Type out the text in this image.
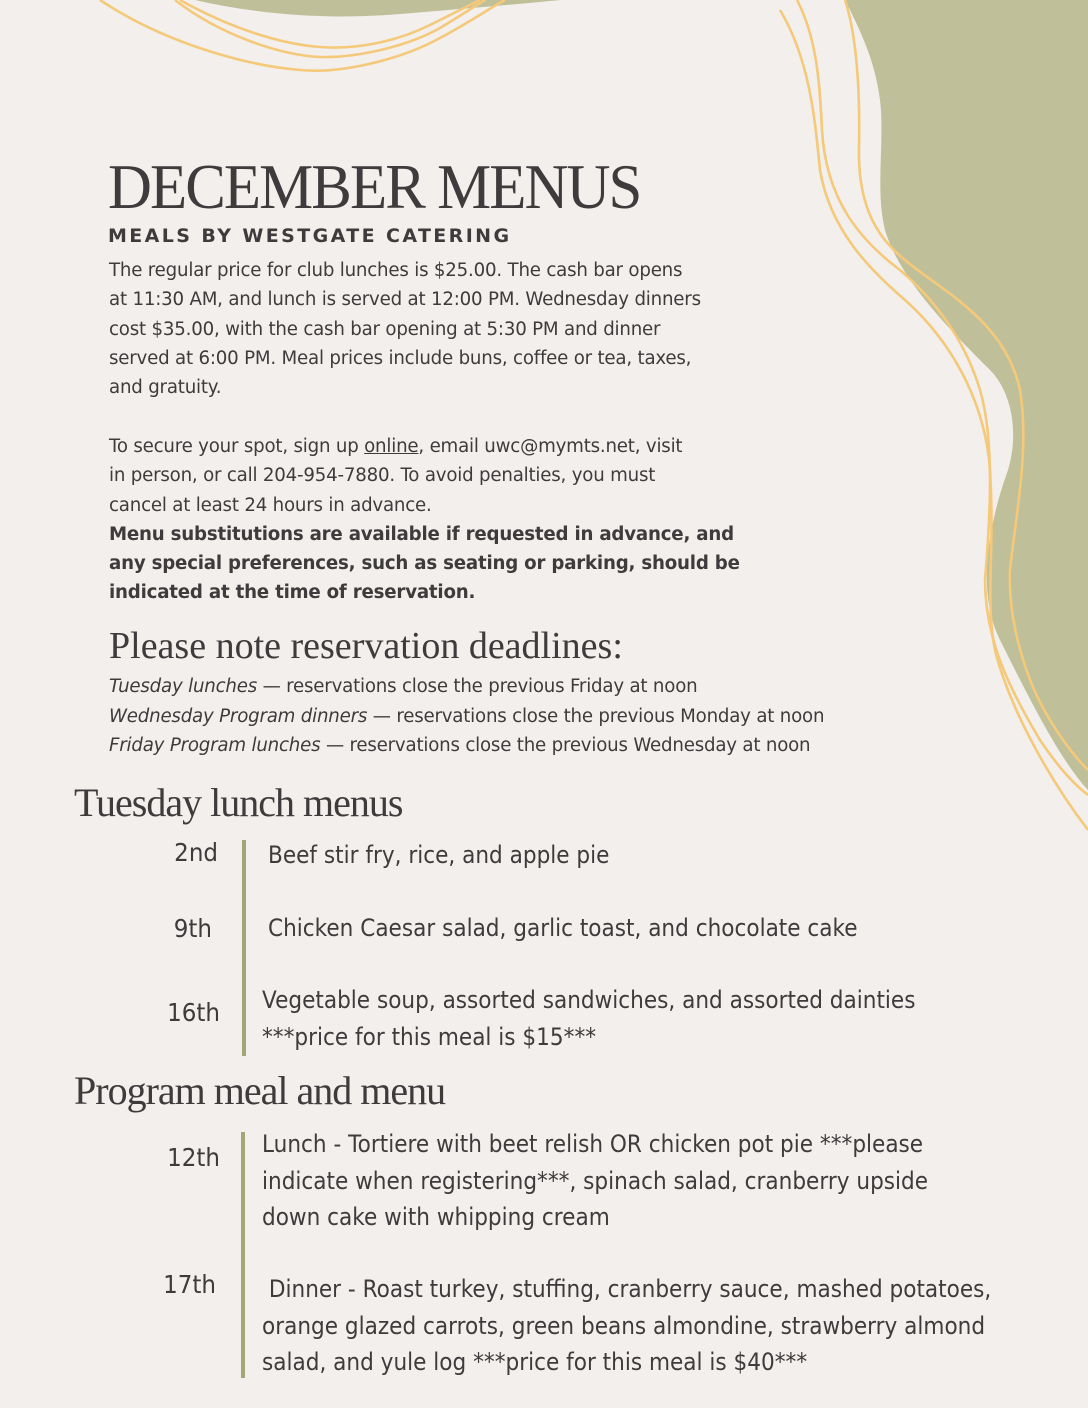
DECEMBER MENUS
MEALS BY WESTGATE CATERING
The regular price for club lunches is $25.00. The cash bar opens
at 11:30 AM, and lunch is served at 12:00 PM. Wednesday dinners
cost $35.00, with the cash bar opening at 5:30 PM and dinner
served at 6:00 PM. Meal prices include buns, coffee or tea, taxes,
and gratuity.
To secure your spot, sign up online, email uwc@mymts.net, visit
in person, or call 204-954-7880. To avoid penalties, you must
cancel at least 24 hours in advance.
Menu substitutions are available if requested in advance, and
any special preferences, such as seating or parking, should be
indicated at the time of reservation.
Please note reservation deadlines:
Tuesday lunches — reservations close the previous Friday at noon
Wednesday Program dinners — reservations close the previous Monday at noon
Friday Program lunches — reservations close the previous Wednesday at noon
Tuesday lunch menus
2nd Beef stir fry, rice, and apple pie
9th Chicken Caesar salad, garlic toast, and chocolate cake
16th Vegetable soup, assorted sandwiches, and assorted dainties
***price for this meal is $15***
Program meal and menu
12th Lunch - Tortiere with beet relish OR chicken pot pie ***please
indicate when registering***, spinach salad, cranberry upside
down cake with whipping cream
17th Dinner - Roast turkey, stuffing, cranberry sauce, mashed potatoes,
orange glazed carrots, green beans almondine, strawberry almond
salad, and yule log ***price for this meal is $40***
